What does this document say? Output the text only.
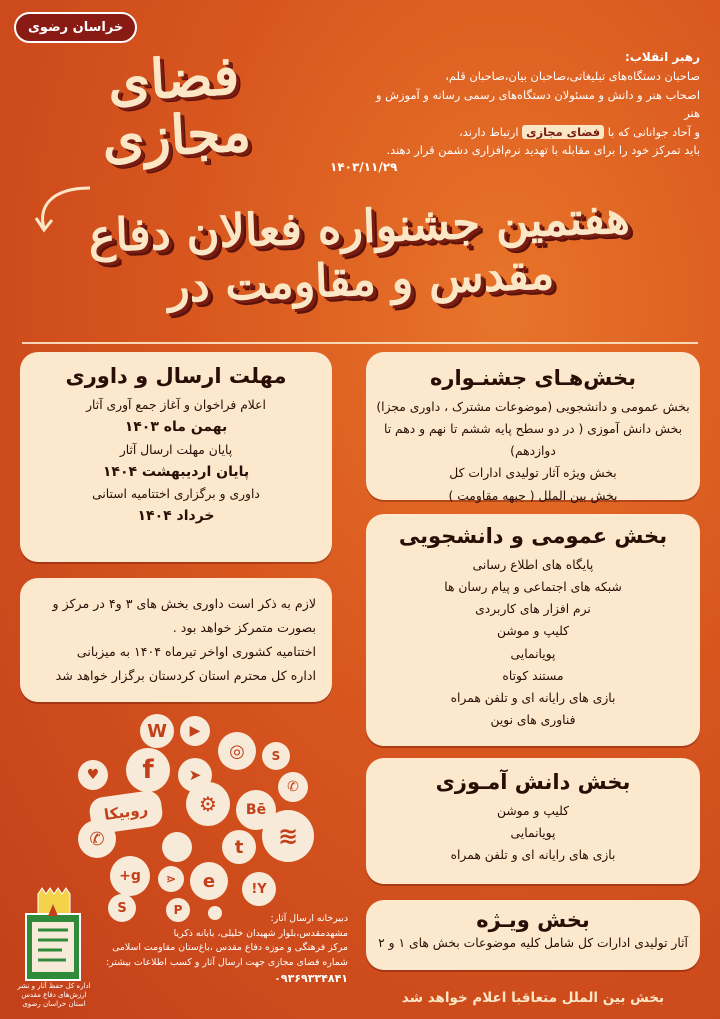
خراسان رضوی
فضای مجازی
رهبر انقلاب:
صاحبان دستگاه‌های تبلیغاتی،صاحبان بیان،صاحبان قلم،
اصحاب هنر و دانش و مسئولان دستگاه‌های رسمی رسانه و آموزش و هنر
و آحاد جوانانی که با فضای مجازی ارتباط دارند،
باید تمرکز خود را برای مقابله با تهدید نرم‌افزاری دشمن قرار دهند.
۱۴۰۳/۱۱/۲۹
هفتمین جشنواره فعالان دفاع مقدس و مقاومت در
بخش‌هـای جشنـواره
بخش عمومی و دانشجویی (موضوعات مشترک ، داوری مجزا)
بخش دانش آموزی ( در دو سطح پایه ششم تا نهم و دهم تا دوازدهم)
بخش ویژه آثار تولیدی ادارات کل
بخش بین الملل ( جبهه مقاومت )
مهلت ارسال و داوری
اعلام فراخوان و آغاز جمع آوری آثار
بهمن ماه ۱۴۰۳
پایان مهلت ارسال آثار
پایان اردیبهشت ۱۴۰۴
داوری و برگزاری اختتامیه استانی
خرداد ۱۴۰۴
بخش عمومی و دانشجویی
پایگاه های اطلاع رسانی
شبکه های اجتماعی و پیام رسان ها
نرم افزار های کاربردی
کلیپ و موشن
پویانمایی
مستند کوتاه
بازی های رایانه ای و تلفن همراه
فناوری های نوین
لازم به ذکر است داوری بخش های ۳ و۴ در مرکز و
بصورت متمرکز خواهد بود .
اختتامیه کشوری اواخر تیرماه ۱۴۰۴ به میزبانی
اداره کل محترم استان کردستان برگزار خواهد شد
بخش دانش آمـوزی
کلیپ و موشن
پویانمایی
بازی های رایانه ای و تلفن همراه
بخش ویـژه
آثار تولیدی ادارات کل شامل کلیه موضوعات بخش های ۱ و ۲
بخش بین الملل متعاقبا اعلام خواهد شد
W	▶
◎
♥	f	➤
S
✆
⚙	Bē
روبیکا
✆	t	≋
g+	⋖	e	Y!
S	P
اداره کل حفظ آثار و نشر ارزش‌های دفاع مقدس استان خراسان رضوی
دبیرخانه ارسال آثار:
مشهدمقدس،بلوار شهیدان خلیلی، بابانه ذکریا
مرکز فرهنگی و موزه دفاع مقدس ،باغ‌ستان مقاومت اسلامی
شماره فضای مجازی جهت ارسال آثار و کسب اطلاعات بیشتر:
۰۹۳۶۹۳۳۴۸۴۱
